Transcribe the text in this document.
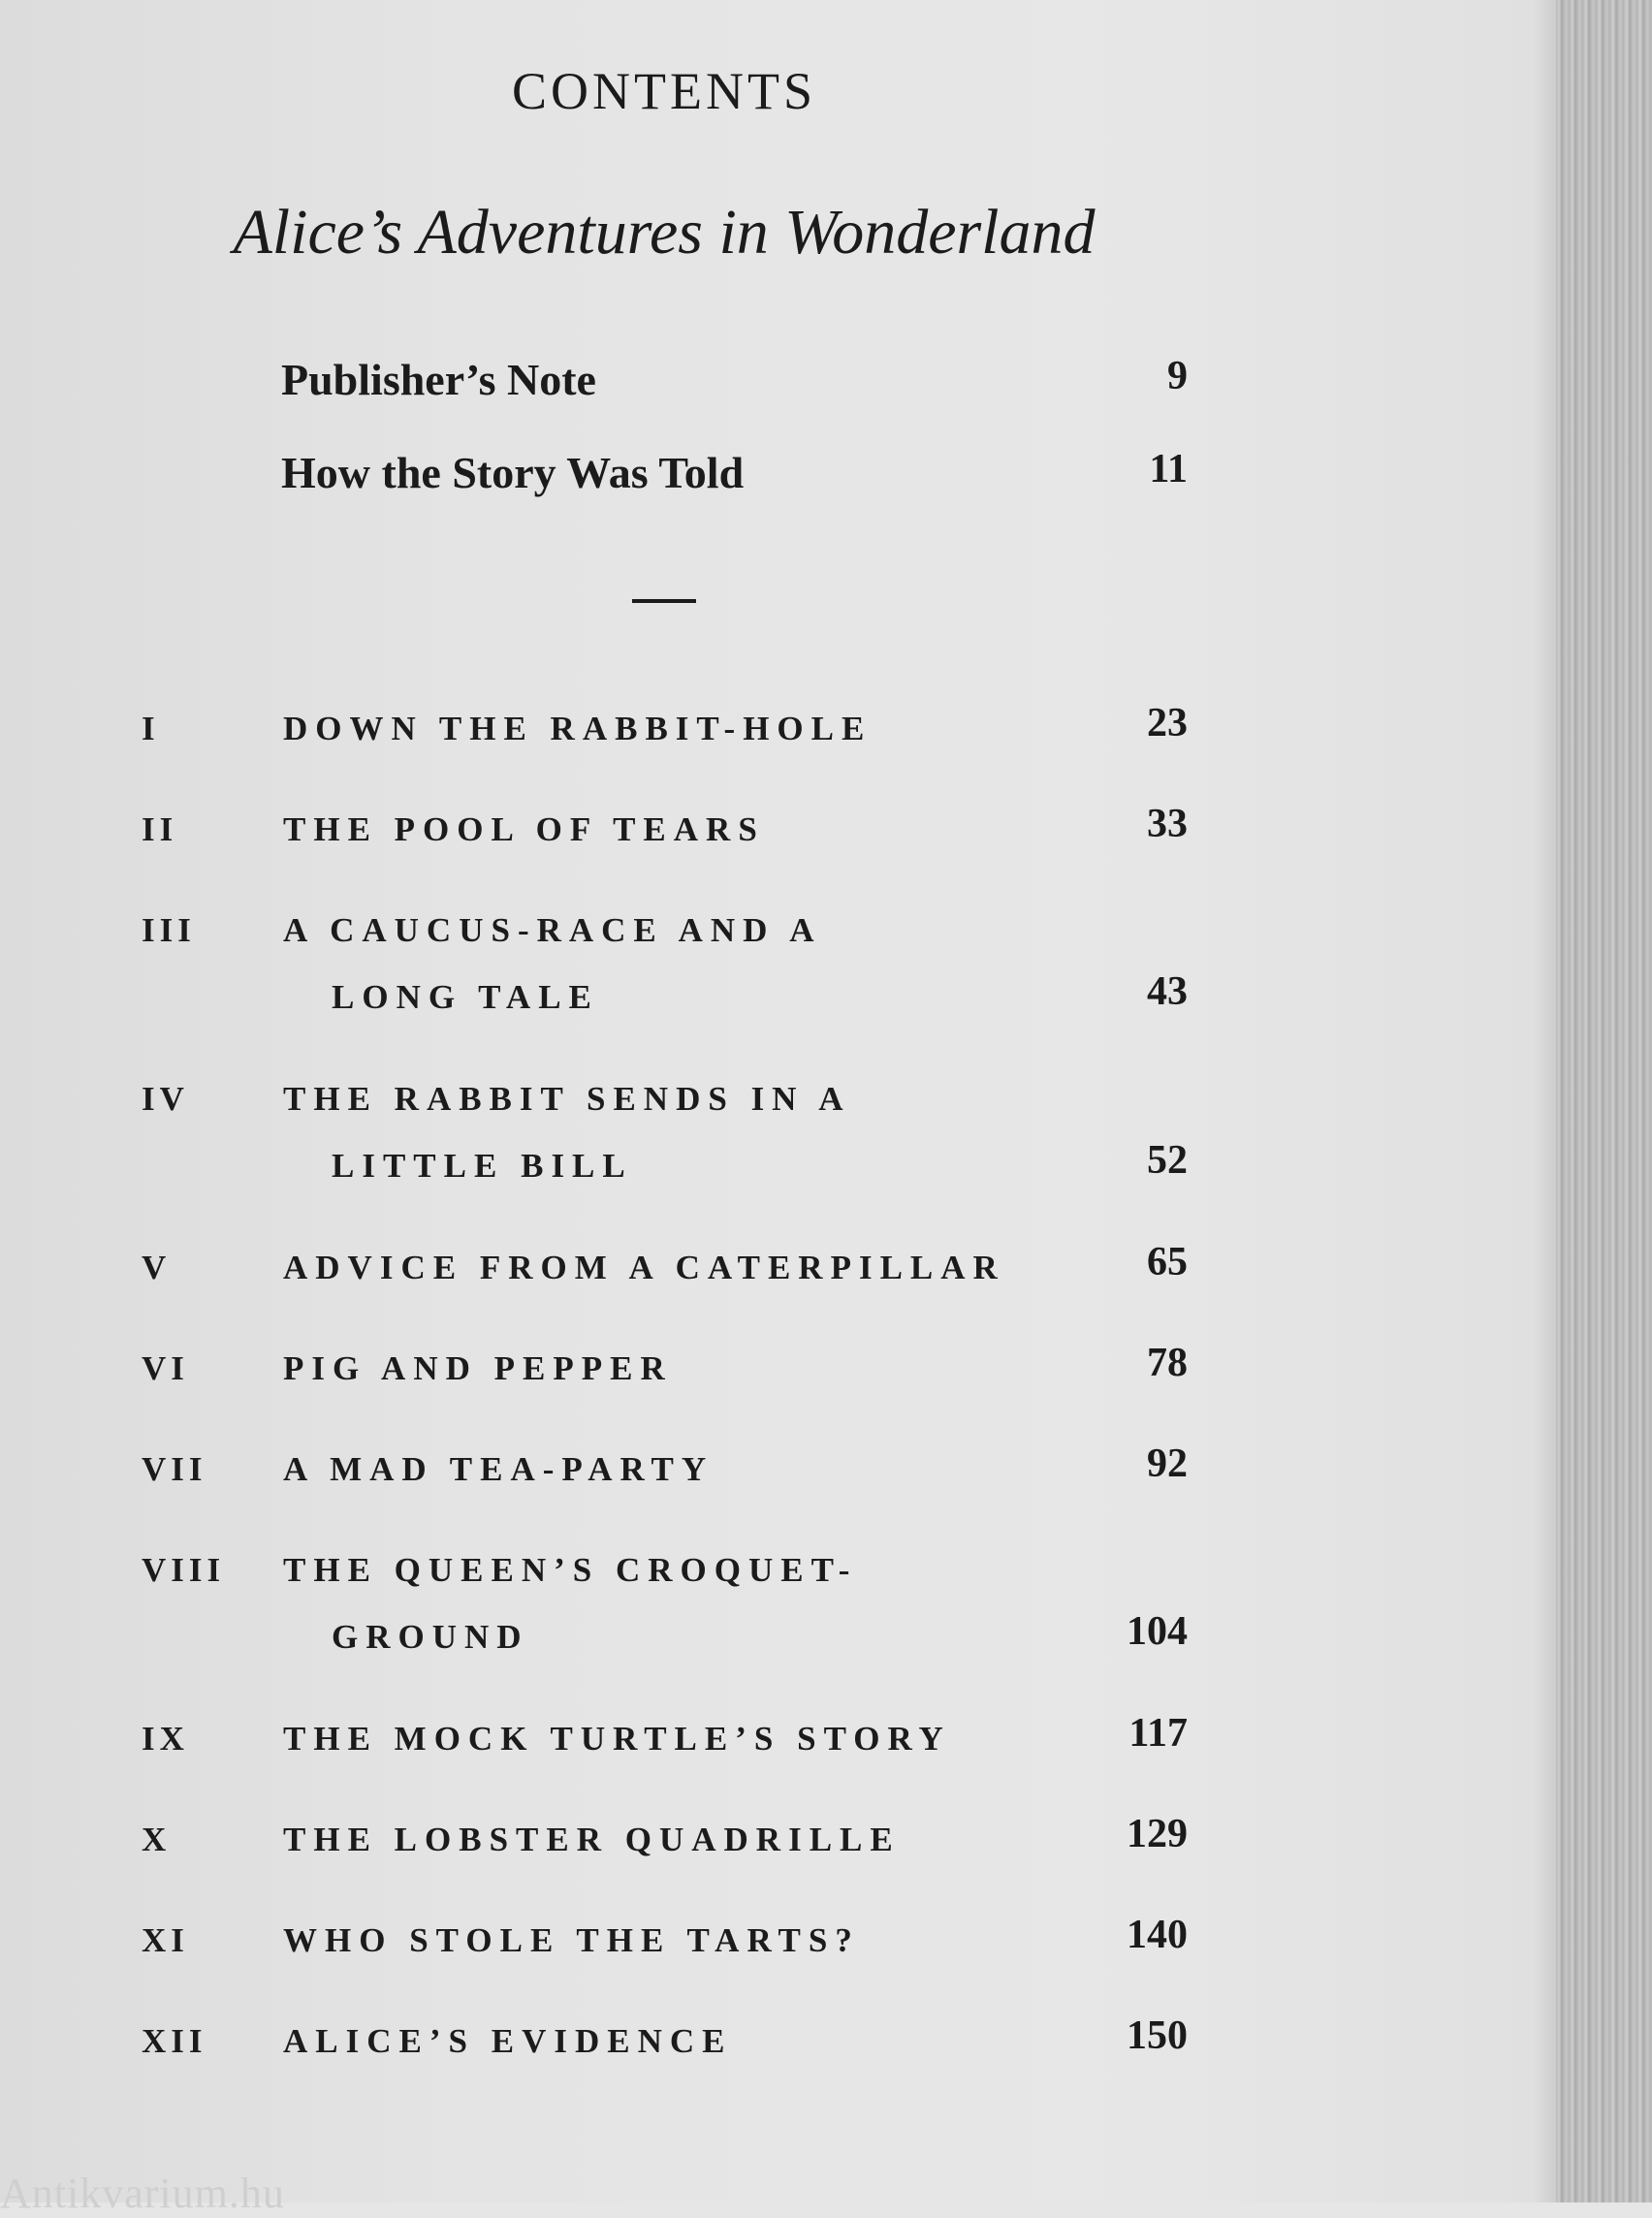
CONTENTS
Alice’s Adventures in Wonderland
Publisher’s Note	9
How the Story Was Told	11
I	DOWN THE RABBIT-HOLE	23
II	THE POOL OF TEARS	33
III	A CAUCUS-RACE AND A
LONG TALE	43
IV	THE RABBIT SENDS IN A
LITTLE BILL	52
V	ADVICE FROM A CATERPILLAR	65
VI	PIG AND PEPPER	78
VII A MAD TEA-PARTY	92
VIII THE QUEEN’S CROQUET-
GROUND	104
IX	THE MOCK TURTLE’S STORY	117
X	THE LOBSTER QUADRILLE	129
XI	WHO STOLE THE TARTS?	140
XII ALICE’S EVIDENCE	150
Antikvarium.hu
